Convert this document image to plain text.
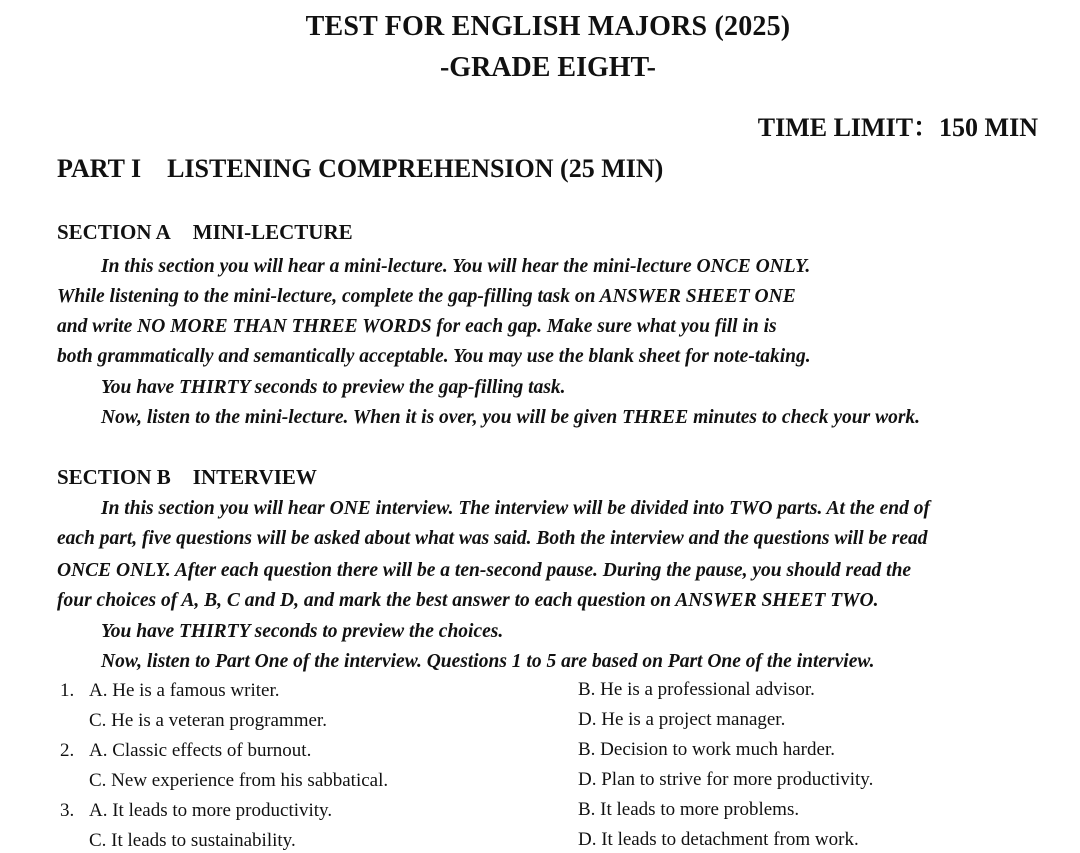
TEST FOR ENGLISH MAJORS (2025)
-GRADE EIGHT-
TIME LIMIT：150 MIN
PART I LISTENING COMPREHENSION (25 MIN)
SECTION A MINI-LECTURE
In this section you will hear a mini-lecture. You will hear the mini-lecture ONCE ONLY.
While listening to the mini-lecture, complete the gap-filling task on ANSWER SHEET ONE
and write NO MORE THAN THREE WORDS for each gap. Make sure what you fill in is
both grammatically and semantically acceptable. You may use the blank sheet for note-taking.
You have THIRTY seconds to preview the gap-filling task.
Now, listen to the mini-lecture. When it is over, you will be given THREE minutes to check your work.
SECTION B INTERVIEW
In this section you will hear ONE interview. The interview will be divided into TWO parts. At the end of
each part, five questions will be asked about what was said. Both the interview and the questions will be read
ONCE ONLY. After each question there will be a ten-second pause. During the pause, you should read the
four choices of A, B, C and D, and mark the best answer to each question on ANSWER SHEET TWO.
You have THIRTY seconds to preview the choices.
Now, listen to Part One of the interview. Questions 1 to 5 are based on Part One of the interview.
1. A. He is a famous writer.	B. He is a professional advisor.
C. He is a veteran programmer.	D. He is a project manager.
2. A. Classic effects of burnout.	B. Decision to work much harder.
C. New experience from his sabbatical.	D. Plan to strive for more productivity.
3. A. It leads to more productivity.	B. It leads to more problems.
C. It leads to sustainability.	D. It leads to detachment from work.
